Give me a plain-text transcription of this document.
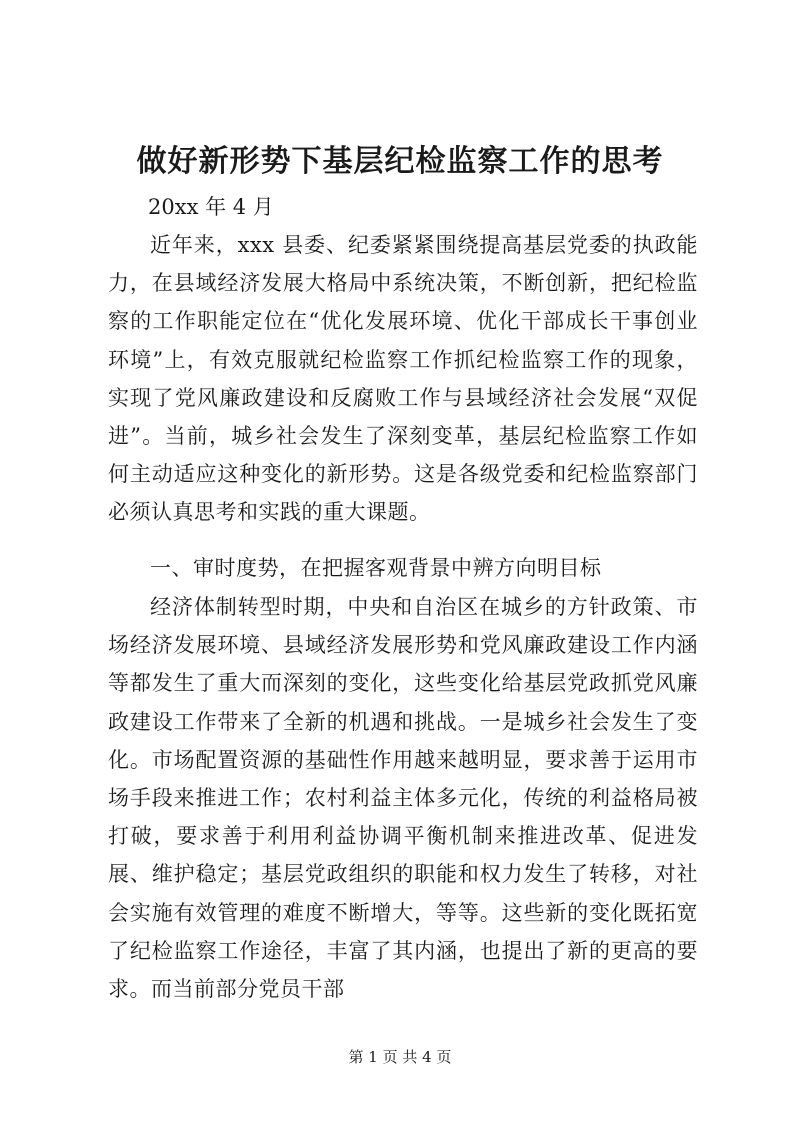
做好新形势下基层纪检监察工作的思考
20xx 年 4 月
近年来，xxx 县委、纪委紧紧围绕提高基层党委的执政能力，在县域经济发展大格局中系统决策，不断创新，把纪检监察的工作职能定位在“优化发展环境、优化干部成长干事创业环境”上，有效克服就纪检监察工作抓纪检监察工作的现象，实现了党风廉政建设和反腐败工作与县域经济社会发展“双促进”。当前，城乡社会发生了深刻变革，基层纪检监察工作如何主动适应这种变化的新形势。这是各级党委和纪检监察部门必须认真思考和实践的重大课题。
一、审时度势，在把握客观背景中辨方向明目标
经济体制转型时期，中央和自治区在城乡的方针政策、市场经济发展环境、县域经济发展形势和党风廉政建设工作内涵等都发生了重大而深刻的变化，这些变化给基层党政抓党风廉政建设工作带来了全新的机遇和挑战。一是城乡社会发生了变化。市场配置资源的基础性作用越来越明显，要求善于运用市场手段来推进工作；农村利益主体多元化，传统的利益格局被打破，要求善于利用利益协调平衡机制来推进改革、促进发展、维护稳定；基层党政组织的职能和权力发生了转移，对社会实施有效管理的难度不断增大，等等。这些新的变化既拓宽了纪检监察工作途径，丰富了其内涵，也提出了新的更高的要求。而当前部分党员干部
第 1 页 共 4 页
